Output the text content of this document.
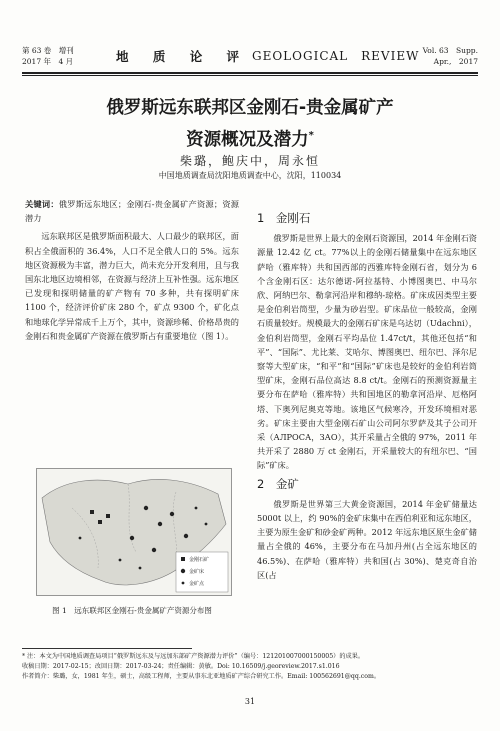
第 63 卷　增刊
2017 年　4 月	地 质 论 评 GEOLOGICAL　REVIEW Vol. 63　Supp.
Apr.,　2017
俄罗斯远东联邦区金刚石-贵金属矿产
资源概况及潜力*
柴璐，鲍庆中，周永恒
中国地质调查局沈阳地质调查中心，沈阳，110034

关键词：俄罗斯远东地区；金刚石-贵金属矿产资源；资源潜力

远东联邦区是俄罗斯面积最大、人口最少的联邦区，面积占全俄面积的 36.4%，人口不足全俄人口的 5%。远东地区资源极为丰富，潜力巨大，尚未充分开发利用，且与我国东北地区边境相邻，在资源与经济上互补性强。远东地区已发现和探明储量的矿产物有 70 多种，共有探明矿床 1100 个，经济评价矿床 280 个，矿点 9300 个，矿化点和地球化学异常成千上万个，其中，资源珍稀、价格昂贵的金刚石和贵金属矿产资源在俄罗斯占有重要地位（图 1）。

金刚石矿
金矿床
金矿点
图 1　远东联邦区金刚石-贵金属矿产资源分布图
1　金刚石

俄罗斯是世界上最大的金刚石资源国，2014 年金刚石资源量 12.42 亿 ct。77%以上的金刚石储量集中在远东地区萨哈（雅库特）共和国西部的西雅库特金刚石省，划分为 6 个含金刚石区：达尔德诺-阿拉基特、小博图奥巴、中马尔欣、阿纳巴尔、勒拿河沿岸和穆纳-琼格。矿床成因类型主要是金伯利岩筒型，少量为砂岩型。矿床品位一般较高，金刚石质量较好。规模最大的金刚石矿床是乌达切（Udachni），金伯利岩筒型，金刚石平均品位 1.47ct/t，其他还包括“和平”、“国际”、尤比莱、艾哈尔、博图奥巴、纽尔巴、泽尔尼察等大型矿床，“和平”和“国际”矿床也是较好的金伯利岩筒型矿床，金刚石品位高达 8.8 ct/t。金刚石的预测资源量主要分布在萨哈（雅库特）共和国地区的勒拿河沿岸、厄格阿塔、下奥列尼奥克等地。该地区气候寒冷，开发环境相对恶劣。矿床主要由大型金刚石矿山公司阿尔罗萨及其子公司开采（АЛРОСА，ЗАО），其开采量占全俄的 97%，2011 年共开采了 2880 万 ct 金刚石，开采量较大的有纽尔巴、“国际”矿床。

2　金矿

俄罗斯是世界第三大黄金资源国，2014 年金矿储量达 5000t 以上，约 90%的金矿床集中在西伯利亚和远东地区，主要为原生金矿和砂金矿两种。2012 年远东地区原生金矿储量占全俄的 46%，主要分布在马加丹州(占全远东地区的 46.5%)、在萨哈（雅库特）共和国(占 30%)、楚克奇自治区(占

* 注：本文为中国地质调查局项目“俄罗斯远东及与远加东部矿产资源潜力评价”（编号：121201007000150005）的成果。
收稿日期：2017-02-15；改回日期：2017-03-24；责任编辑：黄敏。Doi: 10.16509/j.georeview.2017.s1.016
作者简介：柴璐，女，1981 年生，硕士，高级工程师，主要从事东北亚地质矿产综合研究工作。Email: 100562691@qq.com。
31
